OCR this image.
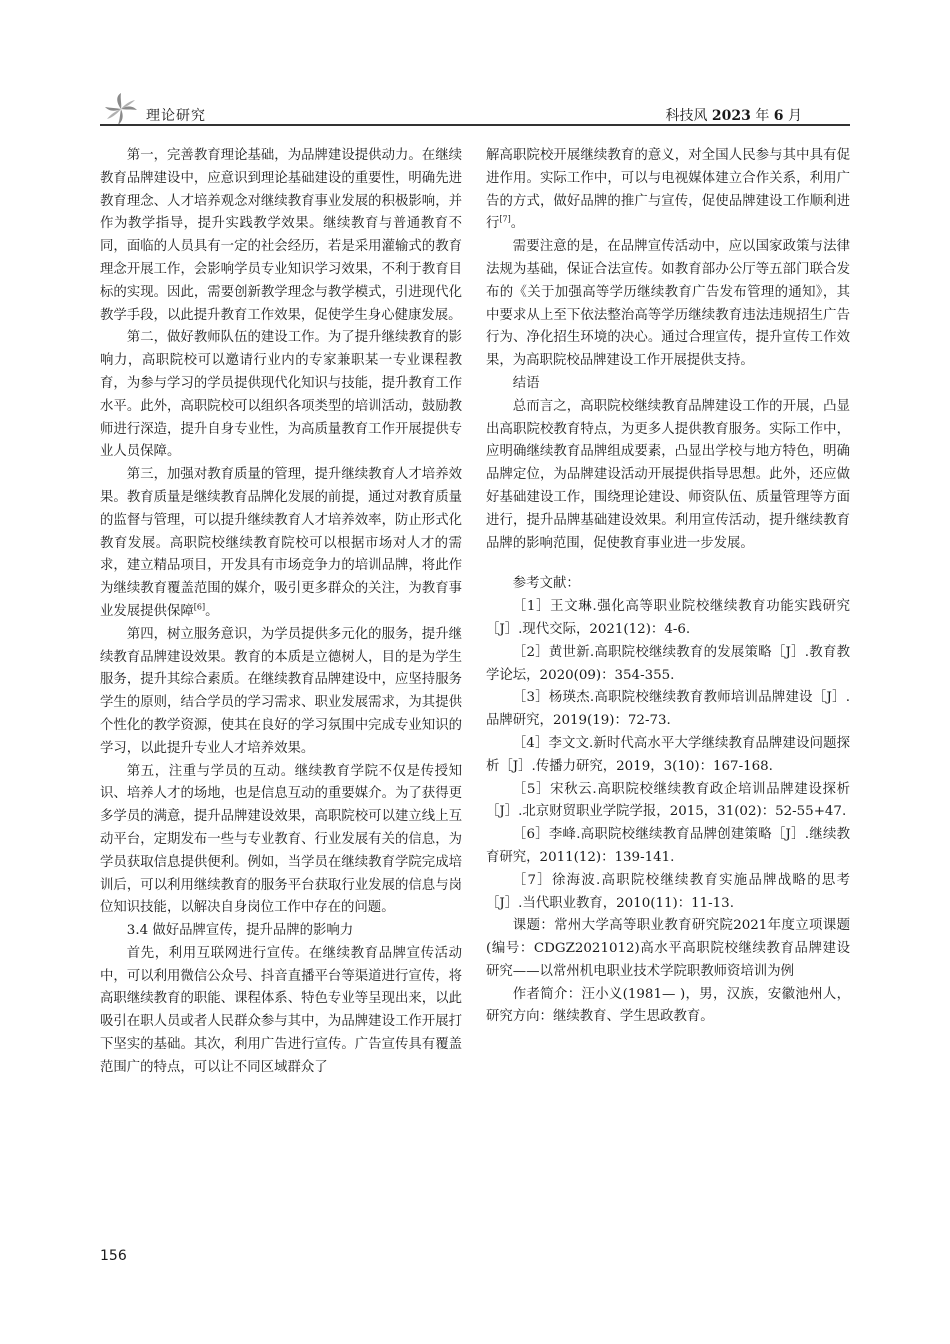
理论研究	科技风 2023 年 6 月

第一，完善教育理论基础，为品牌建设提供动力。在继续教育品牌建设中，应意识到理论基础建设的重要性，明确先进教育理念、人才培养观念对继续教育事业发展的积极影响，并作为教学指导，提升实践教学效果。继续教育与普通教育不同，面临的人员具有一定的社会经历，若是采用灌输式的教育理念开展工作，会影响学员专业知识学习效果，不利于教育目标的实现。因此，需要创新教学理念与教学模式，引进现代化教学手段，以此提升教育工作效果，促使学生身心健康发展。

第二，做好教师队伍的建设工作。为了提升继续教育的影响力，高职院校可以邀请行业内的专家兼职某一专业课程教育，为参与学习的学员提供现代化知识与技能，提升教育工作水平。此外，高职院校可以组织各项类型的培训活动，鼓励教师进行深造，提升自身专业性，为高质量教育工作开展提供专业人员保障。

第三，加强对教育质量的管理，提升继续教育人才培养效果。教育质量是继续教育品牌化发展的前提，通过对教育质量的监督与管理，可以提升继续教育人才培养效率，防止形式化教育发展。高职院校继续教育院校可以根据市场对人才的需求，建立精品项目，开发具有市场竞争力的培训品牌，将此作为继续教育覆盖范围的媒介，吸引更多群众的关注，为教育事业发展提供保障[6]。

第四，树立服务意识，为学员提供多元化的服务，提升继续教育品牌建设效果。教育的本质是立德树人，目的是为学生服务，提升其综合素质。在继续教育品牌建设中，应坚持服务学生的原则，结合学员的学习需求、职业发展需求，为其提供个性化的教学资源，使其在良好的学习氛围中完成专业知识的学习，以此提升专业人才培养效果。

第五，注重与学员的互动。继续教育学院不仅是传授知识、培养人才的场地，也是信息互动的重要媒介。为了获得更多学员的满意，提升品牌建设效果，高职院校可以建立线上互动平台，定期发布一些与专业教育、行业发展有关的信息，为学员获取信息提供便利。例如，当学员在继续教育学院完成培训后，可以利用继续教育的服务平台获取行业发展的信息与岗位知识技能，以解决自身岗位工作中存在的问题。

3.4 做好品牌宣传，提升品牌的影响力

首先，利用互联网进行宣传。在继续教育品牌宣传活动中，可以利用微信公众号、抖音直播平台等渠道进行宣传，将高职继续教育的职能、课程体系、特色专业等呈现出来，以此吸引在职人员或者人民群众参与其中，为品牌建设工作开展打下坚实的基础。其次，利用广告进行宣传。广告宣传具有覆盖范围广的特点，可以让不同区域群众了

解高职院校开展继续教育的意义，对全国人民参与其中具有促进作用。实际工作中，可以与电视媒体建立合作关系，利用广告的方式，做好品牌的推广与宣传，促使品牌建设工作顺利进行[7]。

需要注意的是，在品牌宣传活动中，应以国家政策与法律法规为基础，保证合法宣传。如教育部办公厅等五部门联合发布的《关于加强高等学历继续教育广告发布管理的通知》，其中要求从上至下依法整治高等学历继续教育违法违规招生广告行为、净化招生环境的决心。通过合理宣传，提升宣传工作效果，为高职院校品牌建设工作开展提供支持。

结语

总而言之，高职院校继续教育品牌建设工作的开展，凸显出高职院校教育特点，为更多人提供教育服务。实际工作中，应明确继续教育品牌组成要素，凸显出学校与地方特色，明确品牌定位，为品牌建设活动开展提供指导思想。此外，还应做好基础建设工作，围绕理论建设、师资队伍、质量管理等方面进行，提升品牌基础建设效果。利用宣传活动，提升继续教育品牌的影响范围，促使教育事业进一步发展。

参考文献：

［1］王文琳.强化高等职业院校继续教育功能实践研究［J］.现代交际，2021(12)：4-6.

［2］黄世新.高职院校继续教育的发展策略［J］.教育教学论坛，2020(09)：354-355.

［3］杨瑛杰.高职院校继续教育教师培训品牌建设［J］.品牌研究，2019(19)：72-73.

［4］李文文.新时代高水平大学继续教育品牌建设问题探析［J］.传播力研究，2019，3(10)：167-168.

［5］宋秋云.高职院校继续教育政企培训品牌建设探析［J］.北京财贸职业学院学报，2015，31(02)：52-55+47.

［6］李峰.高职院校继续教育品牌创建策略［J］.继续教育研究，2011(12)：139-141.

［7］徐海波.高职院校继续教育实施品牌战略的思考［J］.当代职业教育，2010(11)：11-13.

课题：常州大学高等职业教育研究院2021年度立项课题(编号：CDGZ2021012)高水平高职院校继续教育品牌建设研究——以常州机电职业技术学院职教师资培训为例

作者简介：汪小义(1981— )，男，汉族，安徽池州人，研究方向：继续教育、学生思政教育。

156
